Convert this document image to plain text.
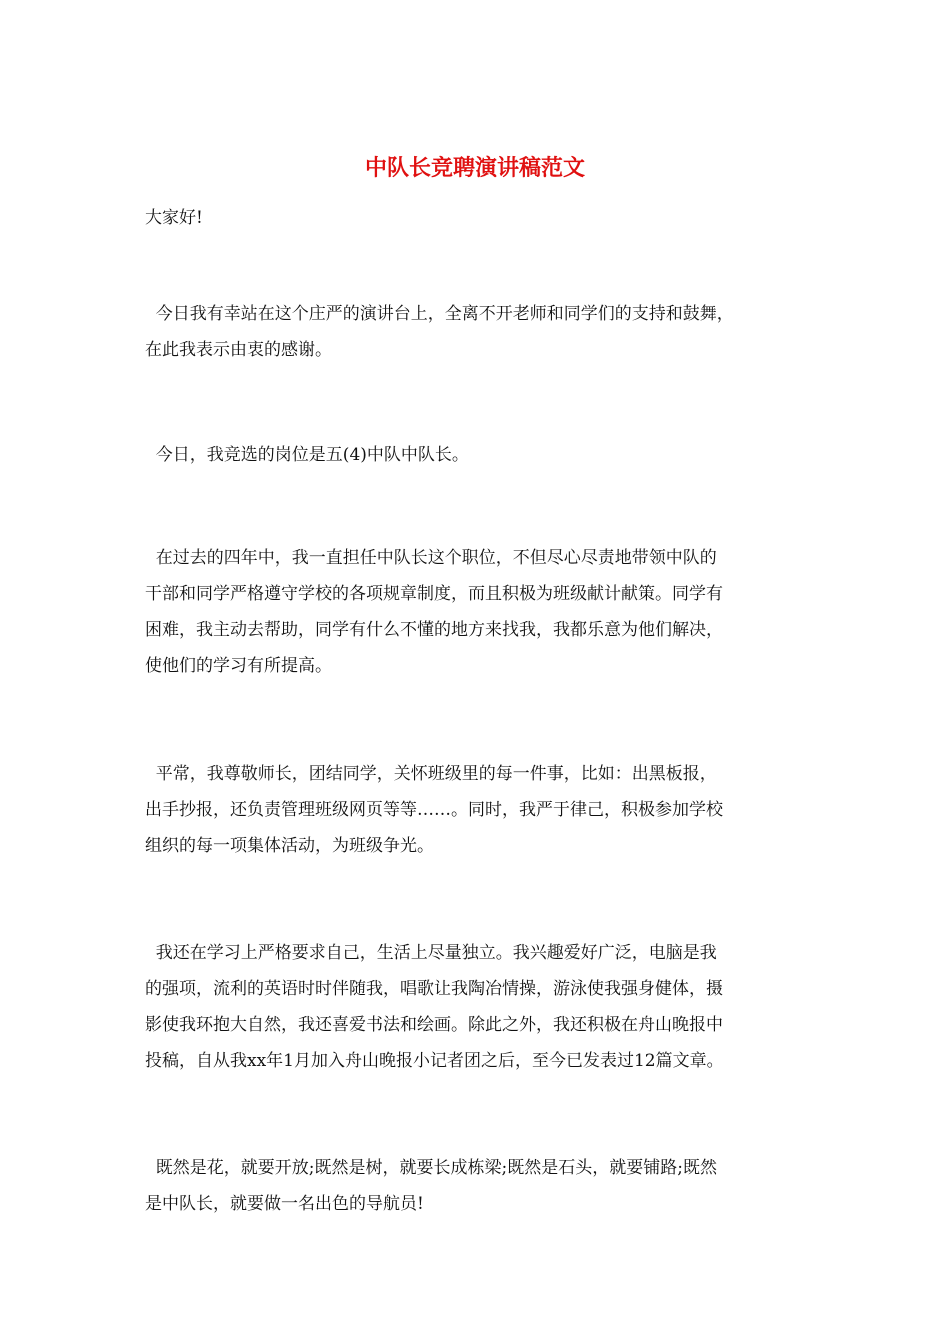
中队长竞聘演讲稿范文

大家好!

今日我有幸站在这个庄严的演讲台上，全离不开老师和同学们的支持和鼓舞，
在此我表示由衷的感谢。

今日，我竞选的岗位是五(4)中队中队长。

在过去的四年中，我一直担任中队长这个职位，不但尽心尽责地带领中队的
干部和同学严格遵守学校的各项规章制度，而且积极为班级献计献策。同学有
困难，我主动去帮助，同学有什么不懂的地方来找我，我都乐意为他们解决，
使他们的学习有所提高。

平常，我尊敬师长，团结同学，关怀班级里的每一件事，比如：出黑板报，
出手抄报，还负责管理班级网页等等……。同时，我严于律己，积极参加学校
组织的每一项集体活动，为班级争光。

我还在学习上严格要求自己，生活上尽量独立。我兴趣爱好广泛，电脑是我
的强项，流利的英语时时伴随我，唱歌让我陶冶情操，游泳使我强身健体，摄
影使我环抱大自然，我还喜爱书法和绘画。除此之外，我还积极在舟山晚报中
投稿，自从我xx年1月加入舟山晚报小记者团之后，至今已发表过12篇文章。

既然是花，就要开放;既然是树，就要长成栋梁;既然是石头，就要铺路;既然
是中队长，就要做一名出色的导航员!
